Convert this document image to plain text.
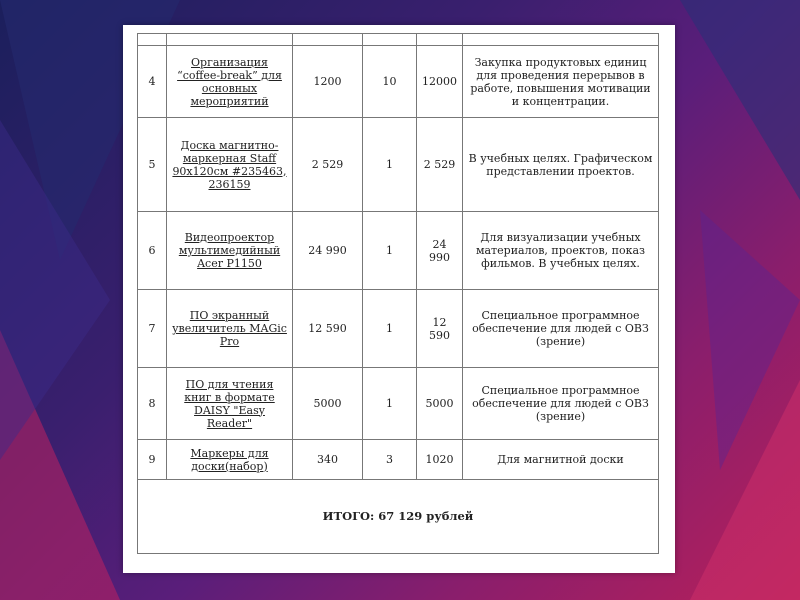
4	Организация “coffee-break” для основных мероприятий	1200	10	12000	Закупка продуктовых единиц для проведения перерывов в работе, повышения мотивации и концентрации.
5	Доска магнитно-маркерная Staff 90x120см #235463, 236159	2 529	1	2 529	В учебных целях. Графическом представлении проектов.
6	Видеопроектор мультимедийный Acer P1150	24 990	1	24 990	Для визуализации учебных материалов, проектов, показ фильмов. В учебных целях.
7	ПО экранный увеличитель MAGic Pro	12 590	1	12 590	Специальное программное обеспечение для людей с ОВЗ (зрение)
8	ПО для чтения книг в формате DAISY "Easy Reader"	5000	1	5000	Специальное программное обеспечение для людей с ОВЗ (зрение)
9	Маркеры для доски(набор)	340	3	1020	Для магнитной доски
ИТОГО: 67 129 рублей					
